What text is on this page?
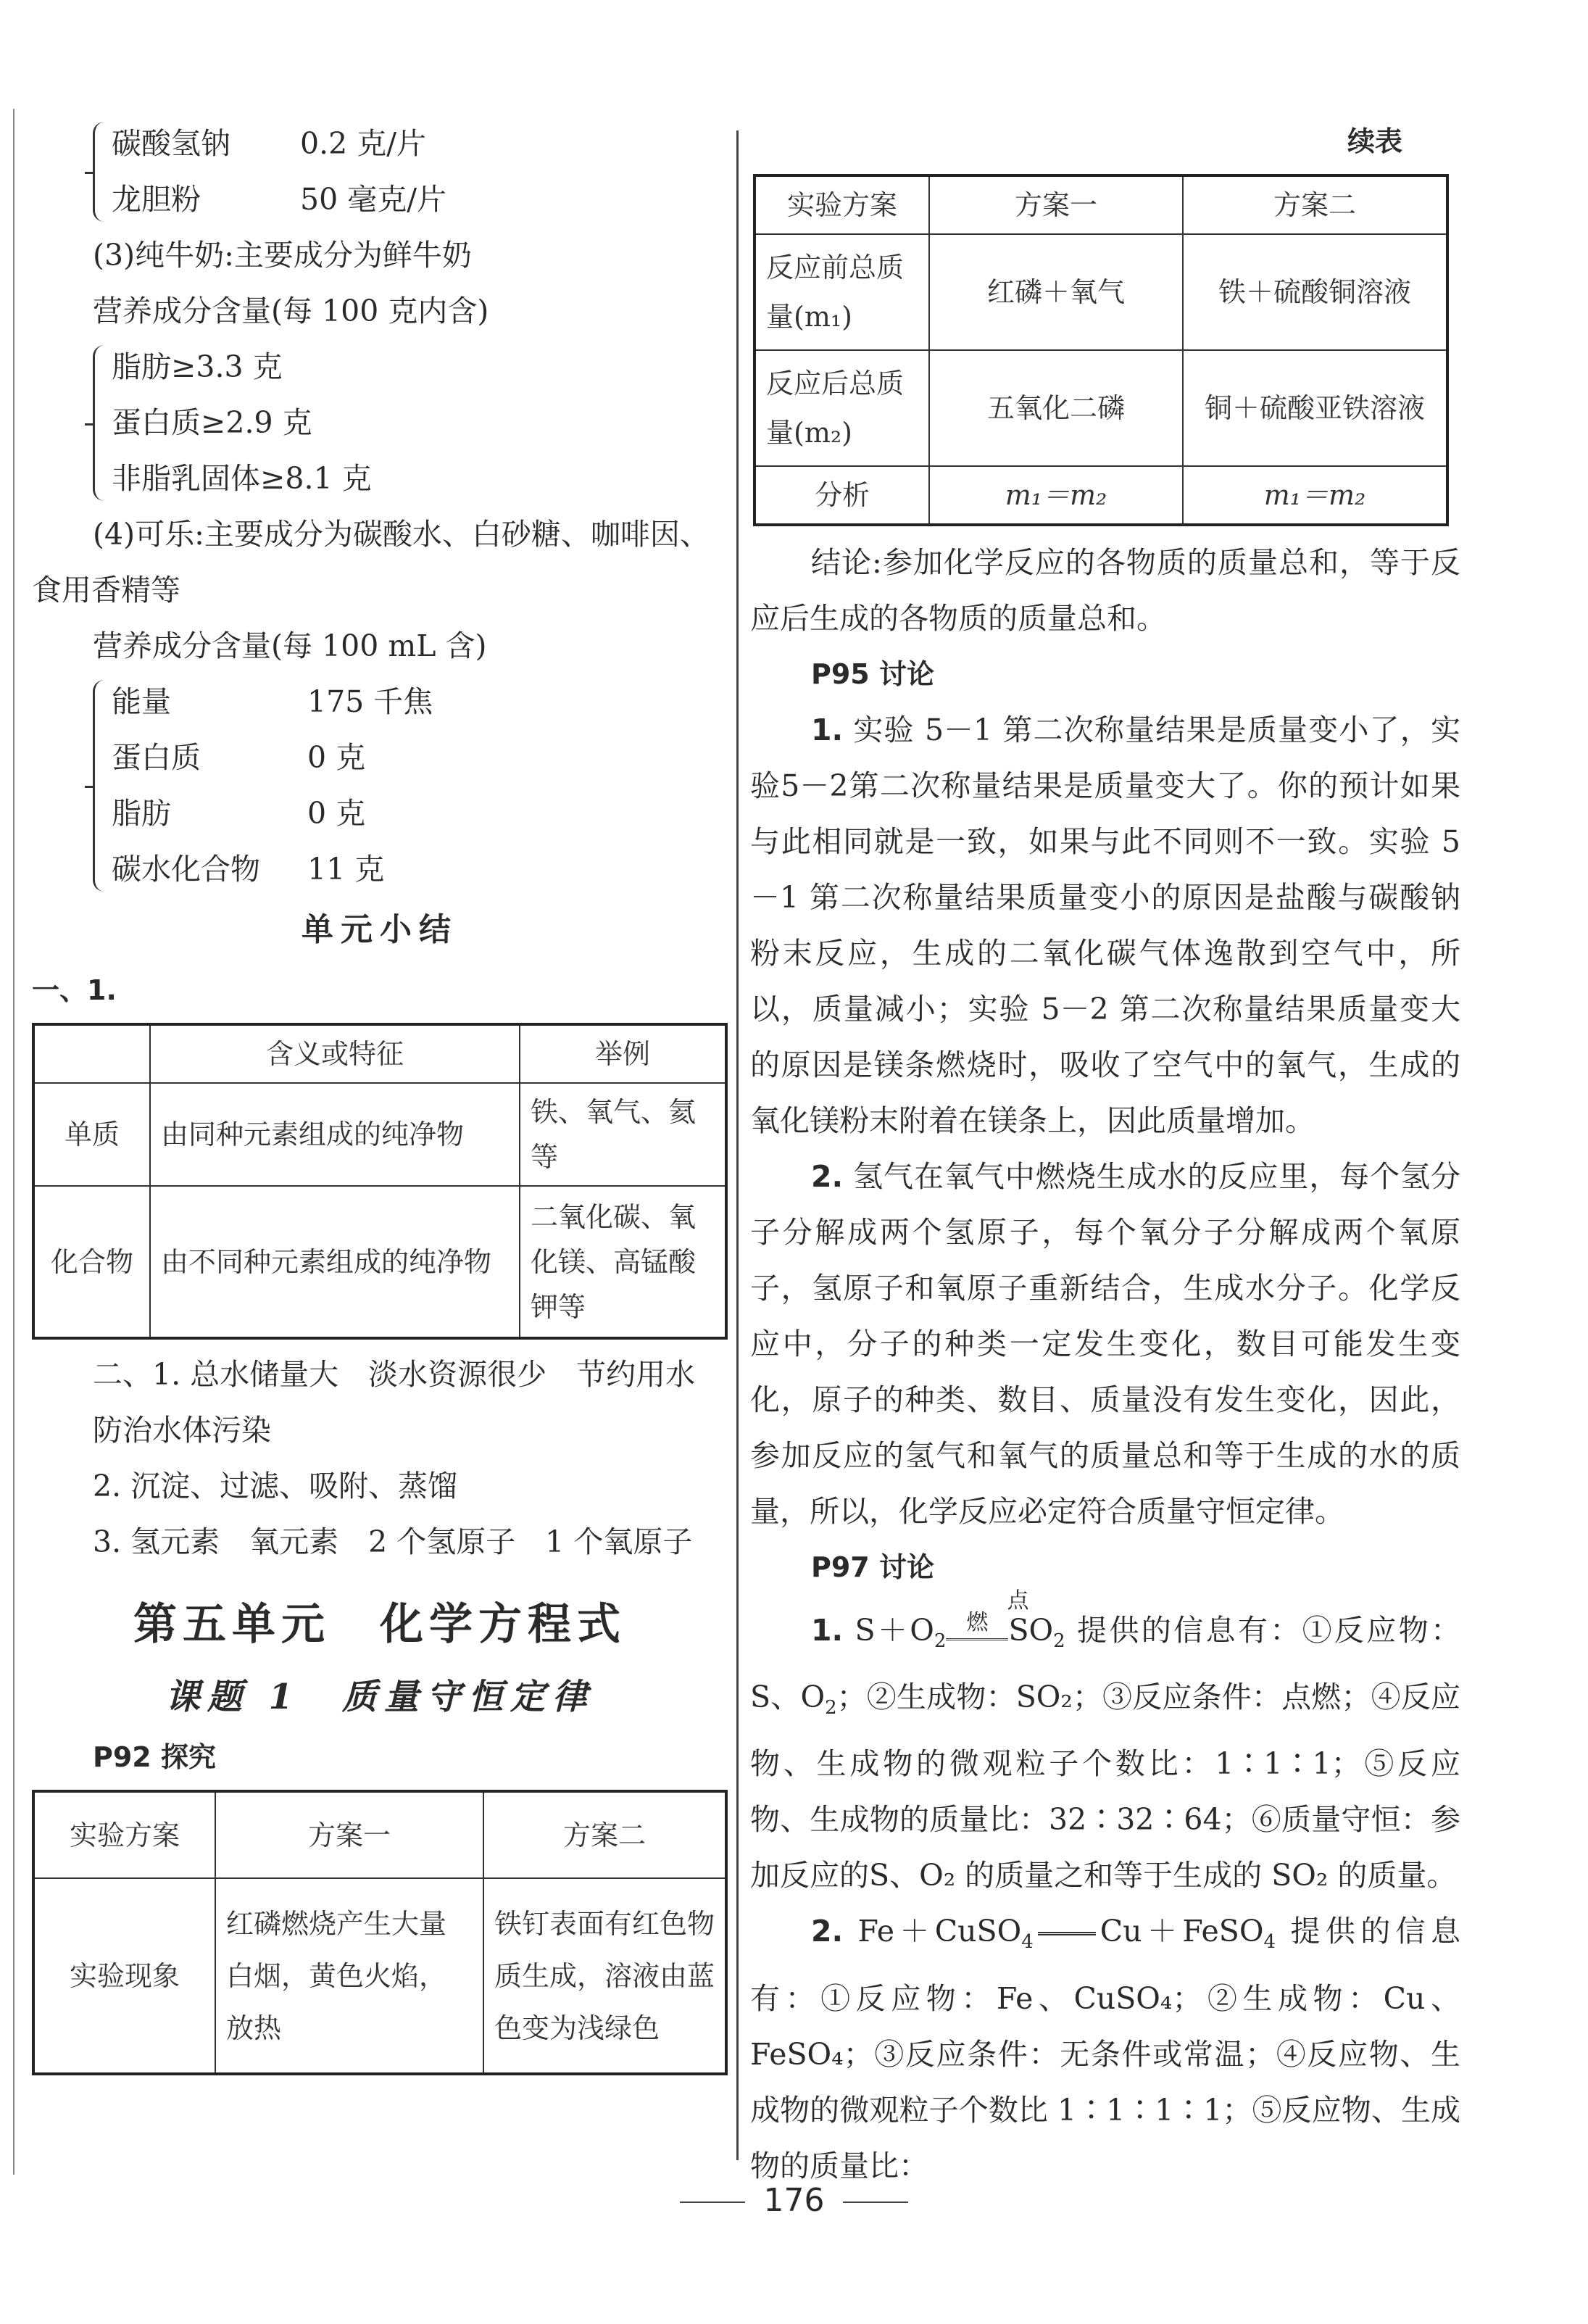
碳酸氢钠	0.2 克/片
龙胆粉	50 毫克/片
(3)纯牛奶:主要成分为鲜牛奶
营养成分含量(每 100 克内含)
脂肪≥3.3 克
蛋白质≥2.9 克
非脂乳固体≥8.1 克
(4)可乐:主要成分为碳酸水、白砂糖、咖啡因、
食用香精等
营养成分含量(每 100 mL 含)
能量	175 千焦
蛋白质	0 克
脂肪	0 克
碳水化合物	11 克
单元小结
一、1.
	含义或特征	举例
单质	由同种元素组成的纯净物	铁、氧气、氦等
化合物	由不同种元素组成的纯净物	二氧化碳、氧化镁、高锰酸钾等
二、1. 总水储量大　淡水资源很少　节约用水
防治水体污染
2. 沉淀、过滤、吸附、蒸馏
3. 氢元素　氧元素　2 个氢原子　1 个氧原子
第五单元　化学方程式
课题 1　质量守恒定律
P92 探究
实验方案	方案一	方案二
实验现象	红磷燃烧产生大量白烟，黄色火焰，放热	铁钉表面有红色物质生成，溶液由蓝色变为浅绿色
续表
实验方案	方案一	方案二
反应前总质量(m₁)	红磷＋氧气	铁＋硫酸铜溶液
反应后总质量(m₂)	五氧化二磷	铜＋硫酸亚铁溶液
分析	m₁＝m₂	m₁＝m₂
结论:参加化学反应的各物质的质量总和，等于反应后生成的各物质的质量总和。
P95 讨论
1. 实验 5－1 第二次称量结果是质量变小了，实验5－2第二次称量结果是质量变大了。你的预计如果与此相同就是一致，如果与此不同则不一致。实验 5－1 第二次称量结果质量变小的原因是盐酸与碳酸钠粉末反应，生成的二氧化碳气体逸散到空气中，所以，质量减小；实验 5－2 第二次称量结果质量变大的原因是镁条燃烧时，吸收了空气中的氧气，生成的氧化镁粉末附着在镁条上，因此质量增加。
2. 氢气在氧气中燃烧生成水的反应里，每个氢分子分解成两个氢原子，每个氧分子分解成两个氧原子，氢原子和氧原子重新结合，生成水分子。化学反应中，分子的种类一定发生变化，数目可能发生变化，原子的种类、数目、质量没有发生变化，因此，参加反应的氢气和氧气的质量总和等于生成的水的质量，所以，化学反应必定符合质量守恒定律。
P97 讨论
1. $S+O_2$
点燃 $SO_2$ 提供的信息有：①反应物：S、$O_2$；②生成物：SO₂；③反应条件：点燃；④反应物、生成物的微观粒子个数比：1∶1∶1；⑤反应物、生成物的质量比：32∶32∶64；⑥质量守恒：参加反应的S、O₂ 的质量之和等于生成的 SO₂ 的质量。
2. Fe＋CuSO$_4$ Cu＋FeSO$_4$ 提供的信息有：①反应物：Fe、CuSO₄；②生成物：Cu、FeSO₄；③反应条件：无条件或常温；④反应物、生成物的微观粒子个数比 1∶1∶1∶1；⑤反应物、生成物的质量比：
176
